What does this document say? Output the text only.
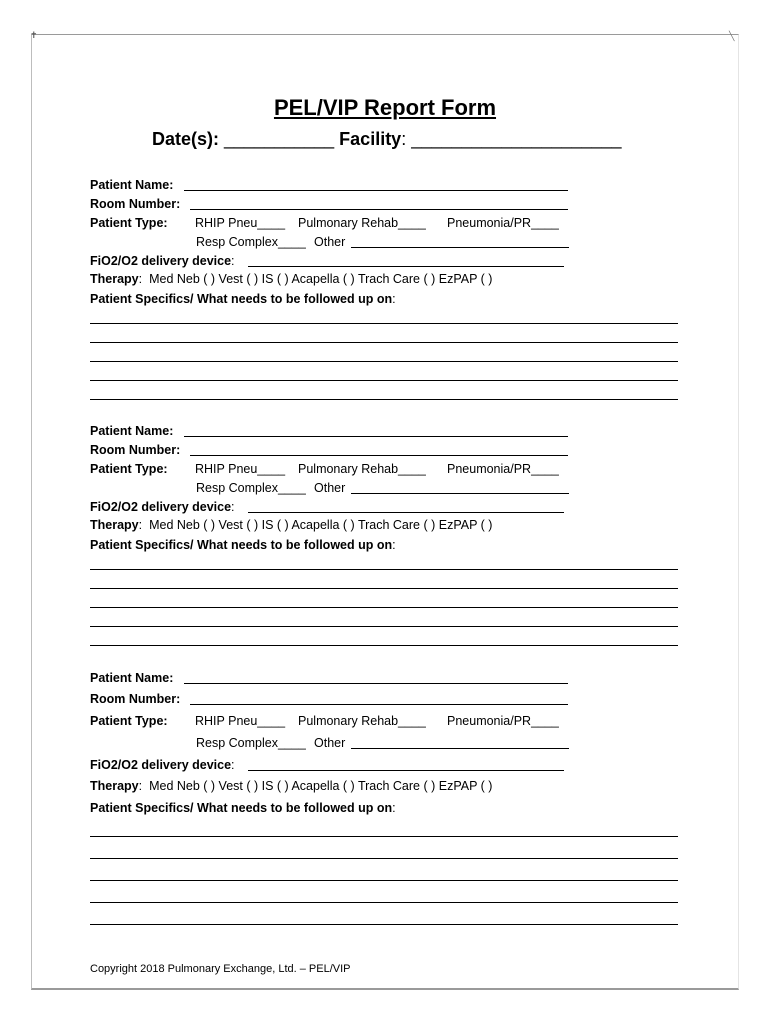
✝	╲
PEL/VIP Report Form
Date(s): ___________ Facility: _____________________
Patient Name:
Room Number:
Patient Type: RHIP Pneu____ Pulmonary Rehab____ Pneumonia/PR____
Resp Complex____ Other
FiO2/O2 delivery device:
Therapy: Med Neb ( ) Vest ( ) IS ( ) Acapella ( ) Trach Care ( ) EzPAP ( )
Patient Specifics/ What needs to be followed up on:
Patient Name:
Room Number:
Patient Type: RHIP Pneu____ Pulmonary Rehab____ Pneumonia/PR____
Resp Complex____ Other
FiO2/O2 delivery device:
Therapy: Med Neb ( ) Vest ( ) IS ( ) Acapella ( ) Trach Care ( ) EzPAP ( )
Patient Specifics/ What needs to be followed up on:
Patient Name:
Room Number:
Patient Type: RHIP Pneu____ Pulmonary Rehab____ Pneumonia/PR____
Resp Complex____ Other
FiO2/O2 delivery device:
Therapy: Med Neb ( ) Vest ( ) IS ( ) Acapella ( ) Trach Care ( ) EzPAP ( )
Patient Specifics/ What needs to be followed up on:
Copyright 2018 Pulmonary Exchange, Ltd. – PEL/VIP
